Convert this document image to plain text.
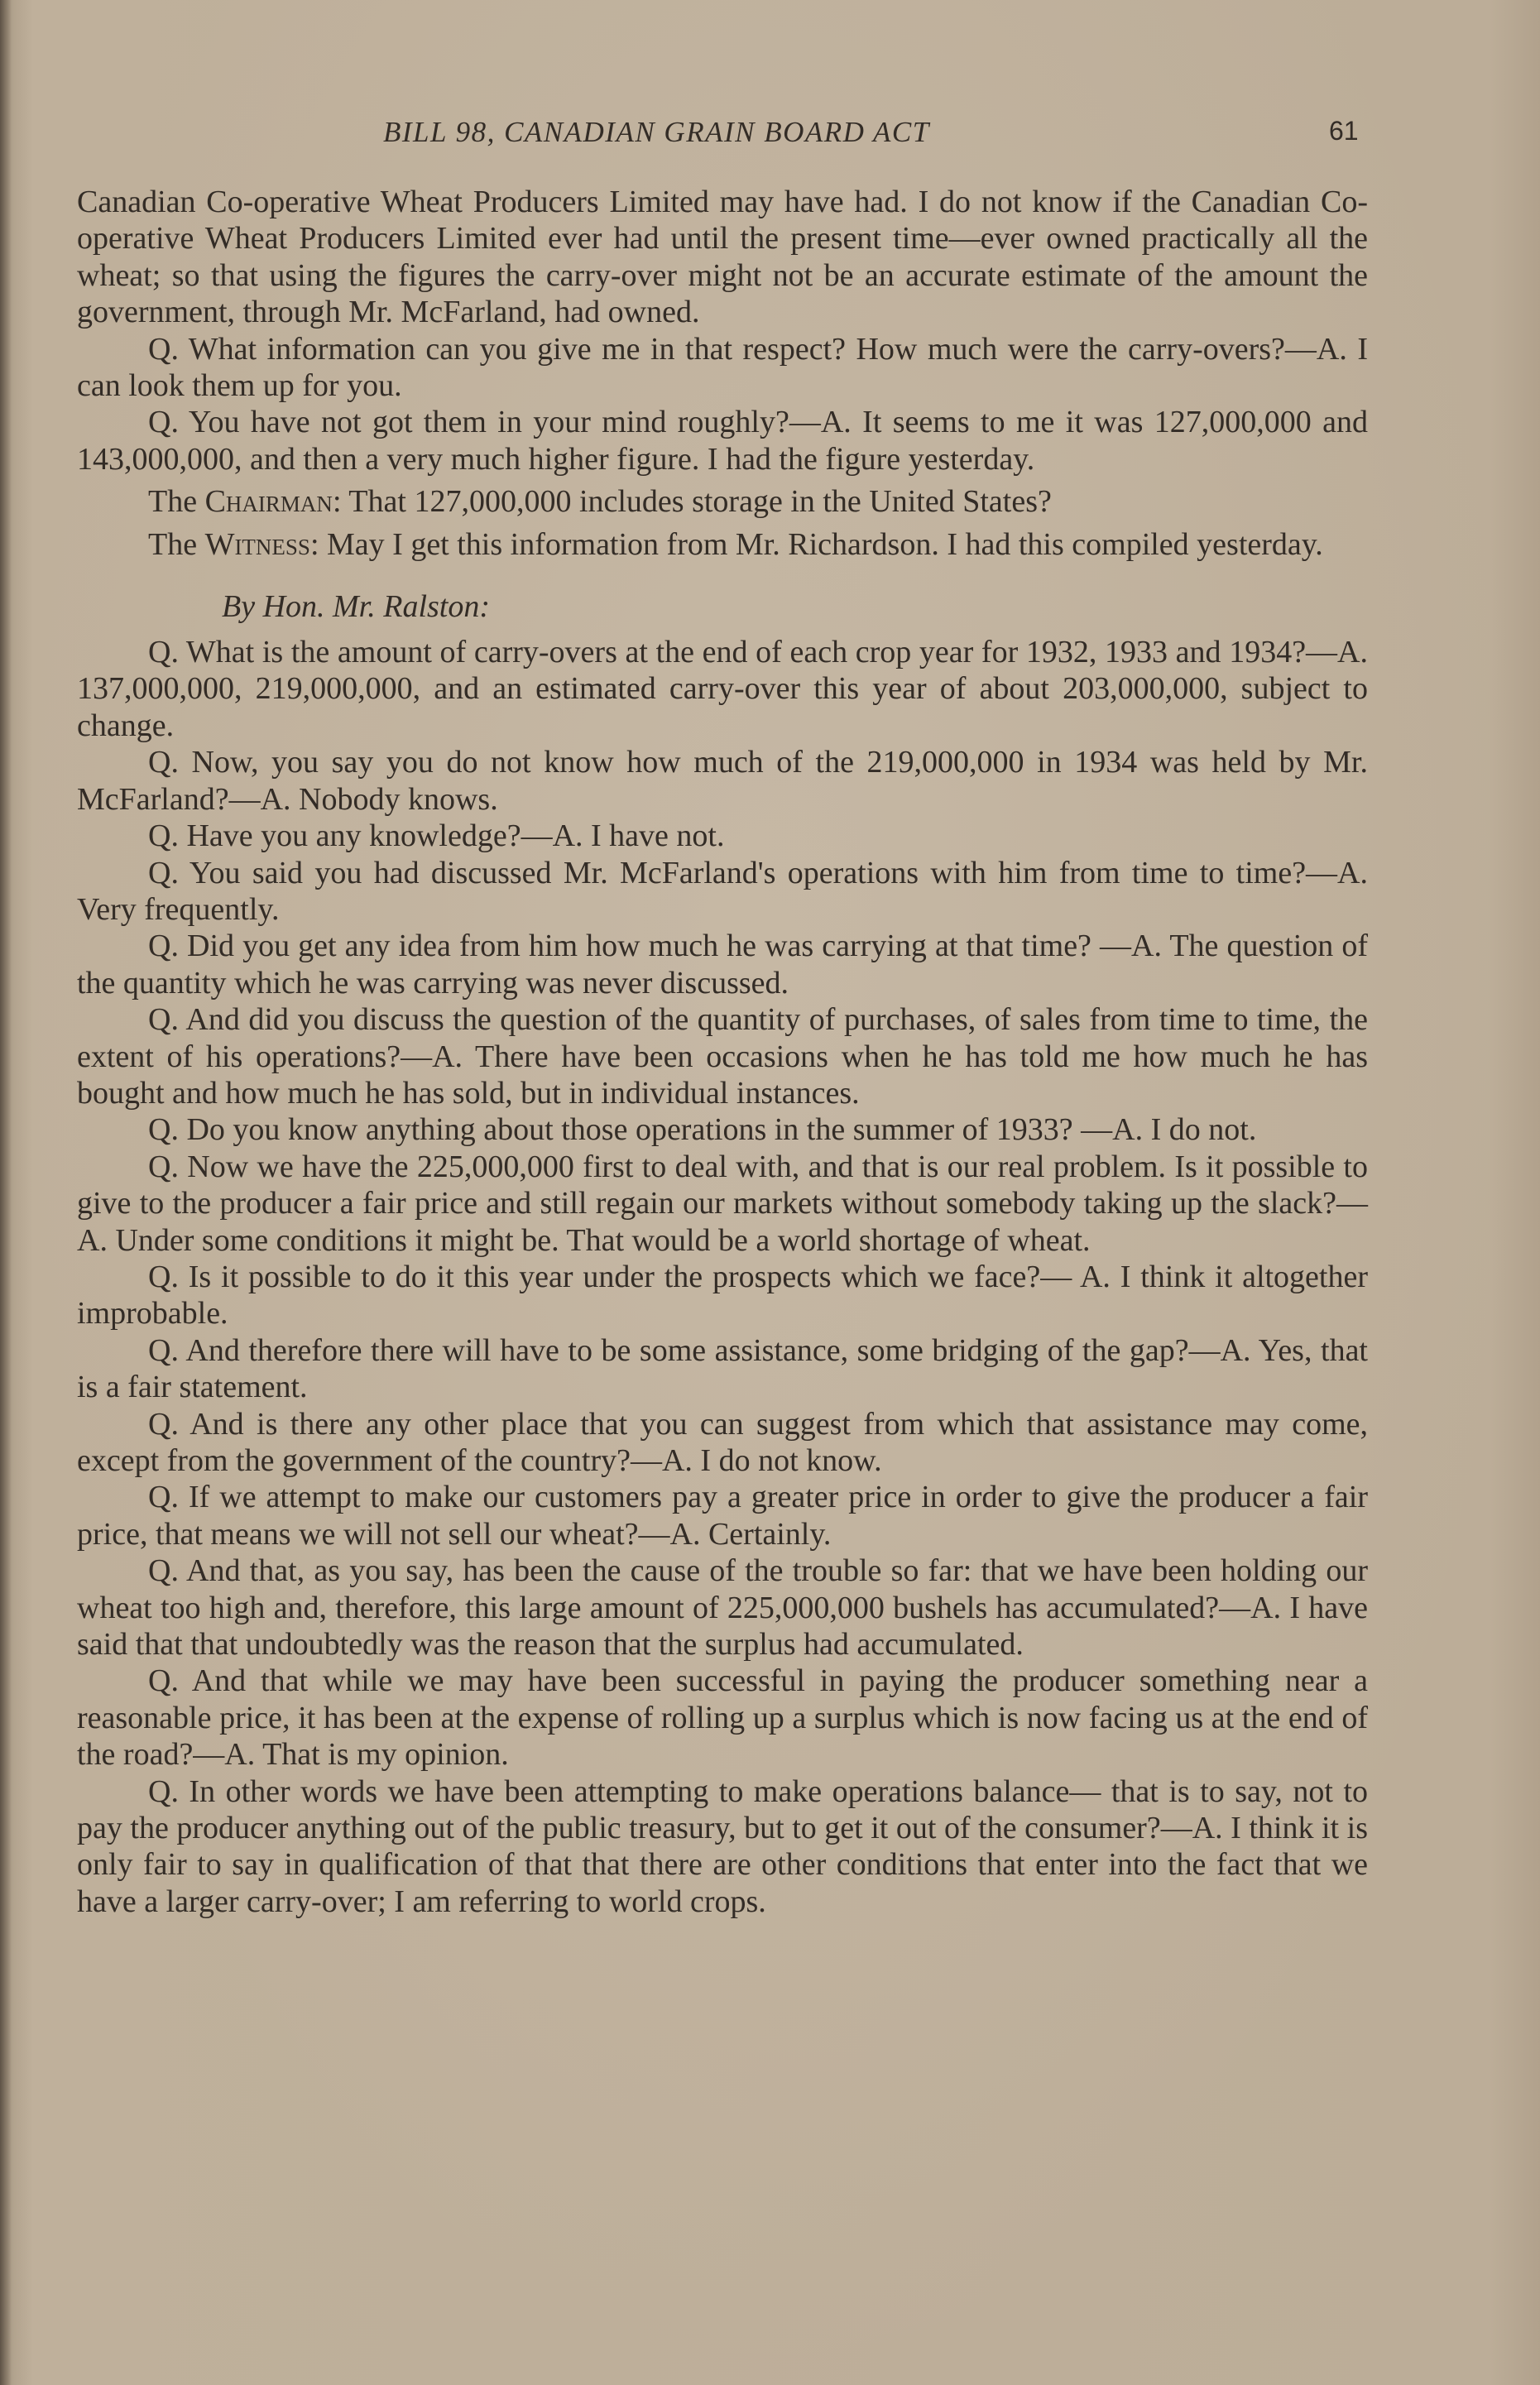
BILL 98, CANADIAN GRAIN BOARD ACT	61

Canadian Co-operative Wheat Producers Limited may have had. I do not know if the Canadian Co-operative Wheat Producers Limited ever had until the present time—ever owned practically all the wheat; so that using the figures the carry-over might not be an accurate estimate of the amount the government, through Mr. McFarland, had owned.

Q. What information can you give me in that respect? How much were the carry-overs?—A. I can look them up for you.

Q. You have not got them in your mind roughly?—A. It seems to me it was 127,000,000 and 143,000,000, and then a very much higher figure. I had the figure yesterday.

The Chairman: That 127,000,000 includes storage in the United States?

The Witness: May I get this information from Mr. Richardson. I had this compiled yesterday.

By Hon. Mr. Ralston:

Q. What is the amount of carry-overs at the end of each crop year for 1932, 1933 and 1934?—A. 137,000,000, 219,000,000, and an estimated carry-over this year of about 203,000,000, subject to change.

Q. Now, you say you do not know how much of the 219,000,000 in 1934 was held by Mr. McFarland?—A. Nobody knows.

Q. Have you any knowledge?—A. I have not.

Q. You said you had discussed Mr. McFarland's operations with him from time to time?—A. Very frequently.

Q. Did you get any idea from him how much he was carrying at that time? —A. The question of the quantity which he was carrying was never discussed.

Q. And did you discuss the question of the quantity of purchases, of sales from time to time, the extent of his operations?—A. There have been occasions when he has told me how much he has bought and how much he has sold, but in individual instances.

Q. Do you know anything about those operations in the summer of 1933? —A. I do not.

Q. Now we have the 225,000,000 first to deal with, and that is our real problem. Is it possible to give to the producer a fair price and still regain our markets without somebody taking up the slack?—A. Under some conditions it might be. That would be a world shortage of wheat.

Q. Is it possible to do it this year under the prospects which we face?— A. I think it altogether improbable.

Q. And therefore there will have to be some assistance, some bridging of the gap?—A. Yes, that is a fair statement.

Q. And is there any other place that you can suggest from which that assistance may come, except from the government of the country?—A. I do not know.

Q. If we attempt to make our customers pay a greater price in order to give the producer a fair price, that means we will not sell our wheat?—A. Certainly.

Q. And that, as you say, has been the cause of the trouble so far: that we have been holding our wheat too high and, therefore, this large amount of 225,000,000 bushels has accumulated?—A. I have said that that undoubtedly was the reason that the surplus had accumulated.

Q. And that while we may have been successful in paying the producer something near a reasonable price, it has been at the expense of rolling up a surplus which is now facing us at the end of the road?—A. That is my opinion.

Q. In other words we have been attempting to make operations balance— that is to say, not to pay the producer anything out of the public treasury, but to get it out of the consumer?—A. I think it is only fair to say in qualification of that that there are other conditions that enter into the fact that we have a larger carry-over; I am referring to world crops.
